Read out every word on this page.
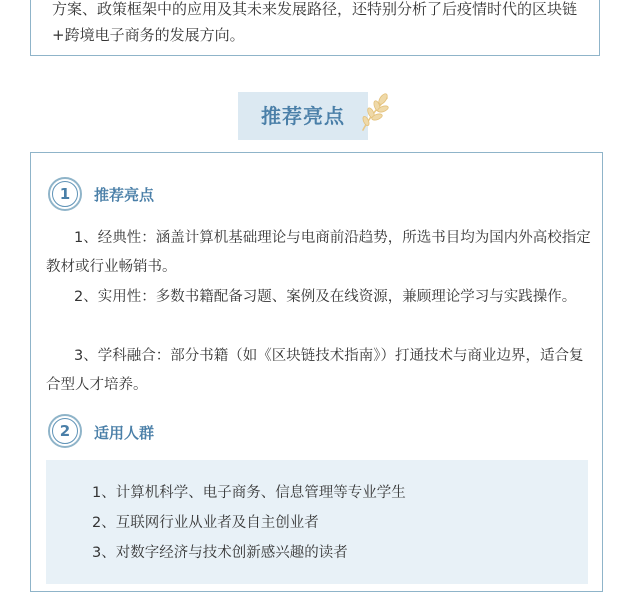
方案、政策框架中的应用及其未来发展路径，还特别分析了后疫情时代的区块链+跨境电子商务的发展方向。
推荐亮点
1	推荐亮点
1、经典性：涵盖计算机基础理论与电商前沿趋势，所选书目均为国内外高校指定教材或行业畅销书。
2、实用性：多数书籍配备习题、案例及在线资源，兼顾理论学习与实践操作。
3、学科融合：部分书籍（如《区块链技术指南》）打通技术与商业边界，适合复合型人才培养。
2	适用人群
1、计算机科学、电子商务、信息管理等专业学生
2、互联网行业从业者及自主创业者
3、对数字经济与技术创新感兴趣的读者
